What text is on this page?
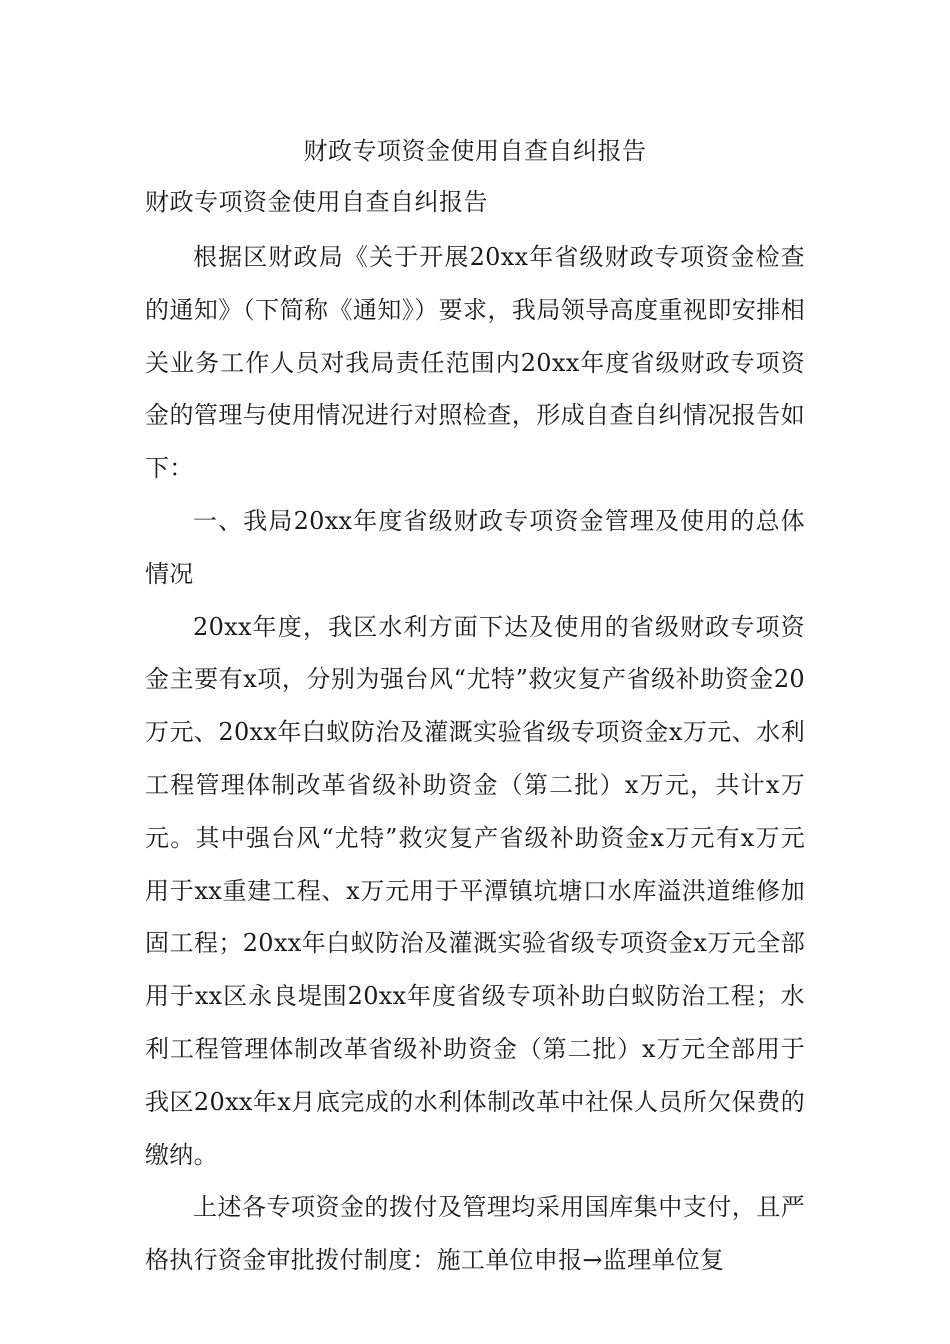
财政专项资金使用自查自纠报告
财政专项资金使用自查自纠报告

根据区财政局《关于开展20xx年省级财政专项资金检查的通知》（下简称《通知》）要求，我局领导高度重视即安排相关业务工作人员对我局责任范围内20xx年度省级财政专项资金的管理与使用情况进行对照检查，形成自查自纠情况报告如下：

一、我局20xx年度省级财政专项资金管理及使用的总体情况

20xx年度，我区水利方面下达及使用的省级财政专项资金主要有x项，分别为强台风“尤特”救灾复产省级补助资金20万元、20xx年白蚁防治及灌溉实验省级专项资金x万元、水利工程管理体制改革省级补助资金（第二批）x万元，共计x万元。其中强台风“尤特”救灾复产省级补助资金x万元有x万元用于xx重建工程、x万元用于平潭镇坑塘口水库溢洪道维修加固工程；20xx年白蚁防治及灌溉实验省级专项资金x万元全部用于xx区永良堤围20xx年度省级专项补助白蚁防治工程；水利工程管理体制改革省级补助资金（第二批）x万元全部用于我区20xx年x月底完成的水利体制改革中社保人员所欠保费的缴纳。

上述各专项资金的拨付及管理均采用国库集中支付，且严格执行资金审批拨付制度：施工单位申报→监理单位复
